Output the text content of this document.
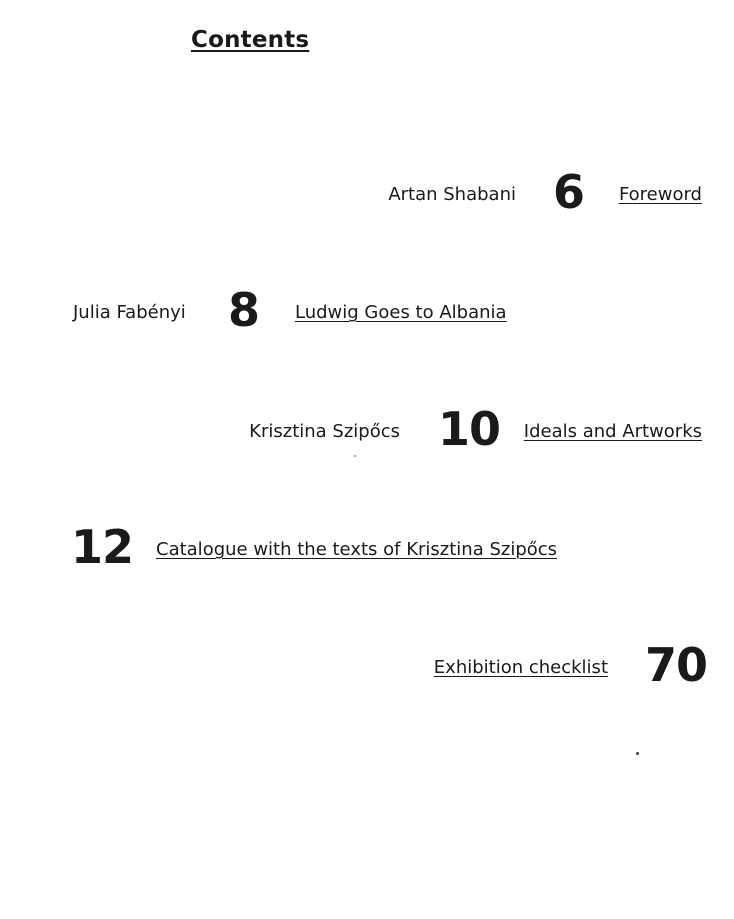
Contents
Artan Shabani 6 Foreword
Julia Fabényi 8 Ludwig Goes to Albania
Krisztina Szipőcs 10 Ideals and Artworks
12 Catalogue with the texts of Krisztina Szipőcs
Exhibition checklist 70
